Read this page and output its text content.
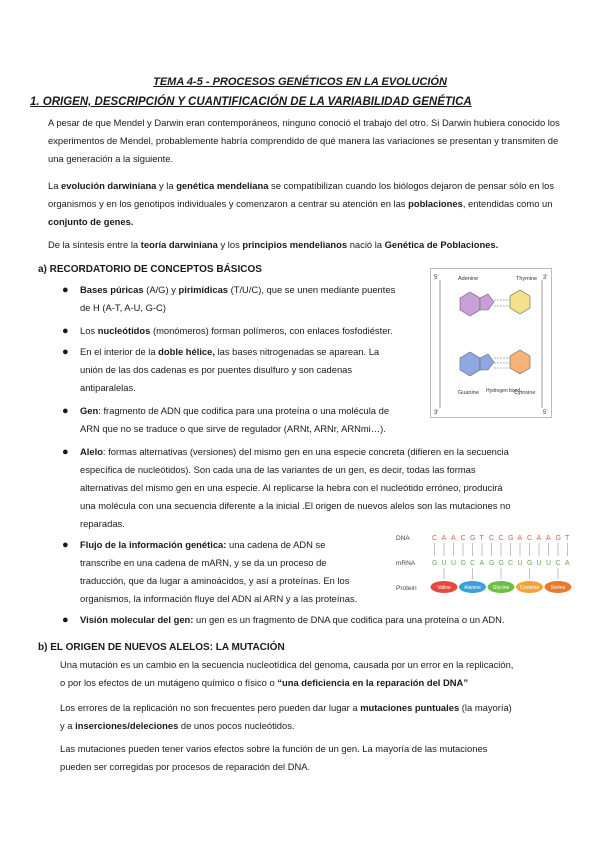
TEMA 4-5 - PROCESOS GENÉTICOS EN LA EVOLUCIÓN
1. ORIGEN, DESCRIPCIÓN Y CUANTIFICACIÓN DE LA VARIABILIDAD GENÉTICA
A pesar de que Mendel y Darwin eran contemporáneos, ninguno conoció el trabajo del otro. Si Darwin hubiera conocido los experimentos de Mendel, probablemente habría comprendido de qué manera las variaciones se presentan y transmiten de una generación a la siguiente.
La evolución darwiniana y la genética mendeliana se compatibilizan cuando los biólogos dejaron de pensar sólo en los organismos y en los genotipos individuales y comenzaron a centrar su atención en las poblaciones, entendidas como un conjunto de genes.
De la síntesis entre la teoría darwiniana y los principios mendelianos nació la Genética de Poblaciones.
a) RECORDATORIO DE CONCEPTOS BÁSICOS
● Bases púricas (A/G) y pirimídicas (T/U/C), que se unen mediante puentes
de H (A-T, A-U, G-C)
● Los nucleótidos (monómeros) forman polímeros, con enlaces fosfodiéster.
● En el interior de la doble hélice, las bases nitrogenadas se aparean. La
unión de las dos cadenas es por puentes disulfuro y son cadenas
antiparalelas.
● Gen: fragmento de ADN que codifica para una proteína o una molécula de
ARN que no se traduce o que sirve de regulador (ARNt, ARNr, ARNmi…).
● Alelo: formas alternativas (versiones) del mismo gen en una especie concreta (difieren en la secuencia
específica de nucleótidos). Son cada una de las variantes de un gen, es decir, todas las formas
alternativas del mismo gen en una especie. Al replicarse la hebra con el nucleótido erróneo, producirá
una molécula con una secuencia diferente a la inicial .El origen de nuevos alelos son las mutaciones no
reparadas.
● Flujo de la información genética: una cadena de ADN se
transcribe en una cadena de mARN, y se da un proceso de
traducción, que da lugar a aminoácidos, y así a proteínas. En los
organismos, la información fluye del ADN al ARN y a las proteínas.
● Visión molecular del gen: un gen es un fragmento de DNA que codifica para una proteína o un ADN.
b) EL ORIGEN DE NUEVOS ALELOS: LA MUTACIÓN
Una mutación es un cambio en la secuencia nucleotídica del genoma, causada por un error en la replicación,
o por los efectos de un mutágeno químico o físico o “una deficiencia en la reparación del DNA”
Los errores de la replicación no son frecuentes pero pueden dar lugar a mutaciones puntuales (la mayoría)
y a inserciones/deleciones de unos pocos nucleótidos.
Las mutaciones pueden tener varios efectos sobre la función de un gen. La mayoría de las mutaciones
pueden ser corregidas por procesos de reparación del DNA.
5'	3'
3'	5'
Adenine	Thymine
Guanine	Cytosine
Hydrogen bond
DNA
mRNA
Protein
C A A C G T C C G A C A A G T
G U U G C A G G C U G U U C A
Valine	Alanine Glycine Cysteine Serine
